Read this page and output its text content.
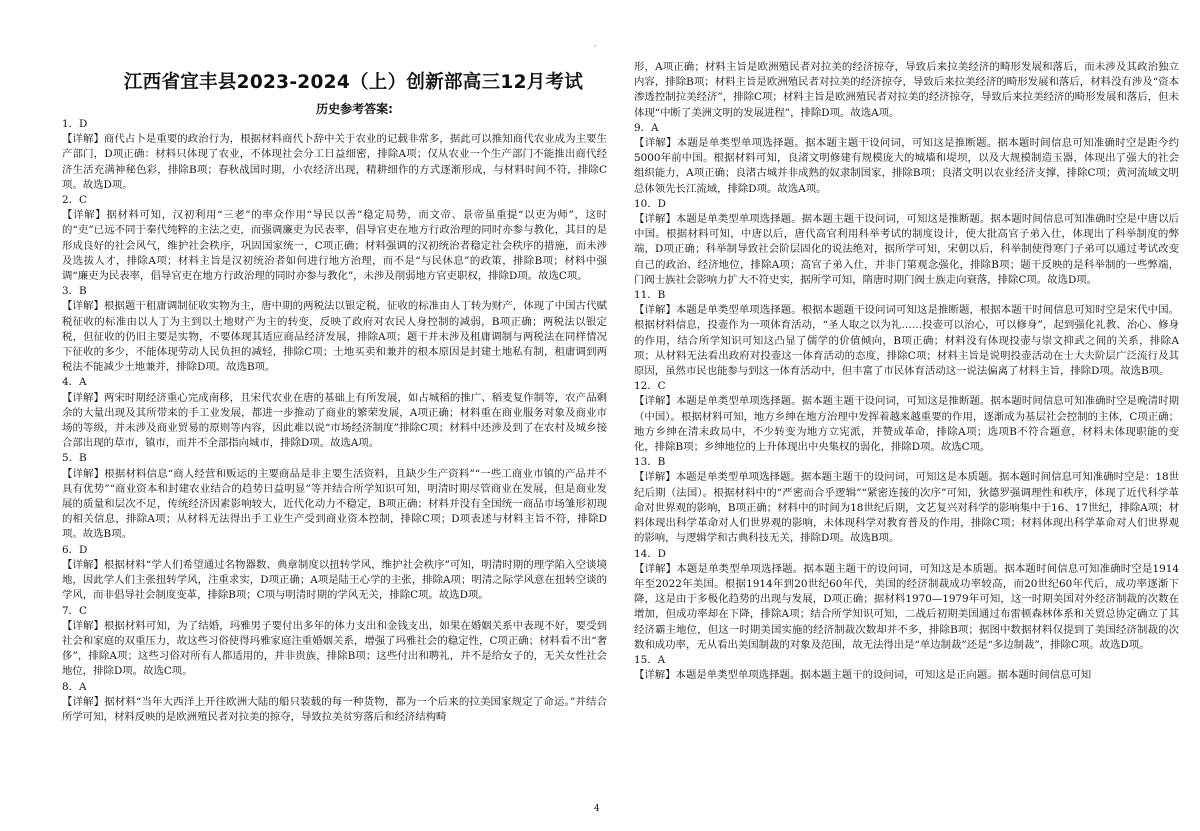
·
江西省宜丰县2023-2024（上）创新部高三12月考试
历史参考答案:
1．D
【详解】商代占卜是重要的政治行为，根据材料商代卜辞中关于农业的记载非常多，据此可以推知商代农业成为主要生产部门，D项正确：材料只体现了农业，不体现社会分工日益细密，排除A项；仅从农业一个生产部门不能推出商代经济生活充满神秘色彩，排除B项；春秋战国时期，小农经济出现，精耕细作的方式逐渐形成，与材料时间不符，排除C项。故选D项。
2．C
【详解】据材料可知，汉初利用“三老”的率众作用“导民以善”稳定局势，而文帝、景帝虽重提“以吏为师”，这时的“吏”已远不同于秦代纯粹的主法之吏，而强调廉吏为民表率，倡导官吏在地方行政治理的同时亦参与教化，其目的是形成良好的社会风气，维护社会秩序，巩固国家统一，C项正确；材料强调的汉初统治者稳定社会秩序的措施，而未涉及选拔人才，排除A项；材料主旨是汉初统治者如何进行地方治理，而不是“与民休息”的政策，排除B项；材料中强调“廉吏为民表率，倡导官吏在地方行政治理的同时亦参与教化”，未涉及削弱地方官吏职权，排除D项。故选C项。
3．B
【详解】根据题干租庸调制征收实物为主，唐中期的两税法以银定税，征收的标准由人丁转为财产，体现了中国古代赋税征收的标准由以人丁为主到以土地财产为主的转变，反映了政府对农民人身控制的减弱，B项正确；两税法以银定税，但征收的仍旧主要是实物，不要体现其适应商品经济发展，排除A项；题干并未涉及租庸调制与两税法在同样情况下征收的多少，不能体现劳动人民负担的减轻，排除C项；土地买卖和兼并的根本原因是封建土地私有制，租庸调到两税法不能减少土地兼并，排除D项。故选B项。
4．A
【详解】两宋时期经济重心完成南移，且宋代农业在唐的基础上有所发展，如占城稻的推广、稻麦复作制等，农产品剩余的大量出现及其所带来的手工业发展，都进一步推动了商业的繁荣发展，A项正确；材料重在商业服务对象及商业市场的等级，并未涉及商业贸易的原则等内容，因此难以说“市场经济制度”排除C项；材料中还涉及到了在农村及城乡接合部出现的草市，镇市，而并不全部指向城市，排除D项。故选A项。
5．B
【详解】根据材料信息“商人经营和贩运的主要商品是非主要生活资料，且缺少生产资料”“一些工商业市镇的产品并不具有优势”“商业资本和封建农业结合的趋势日益明显”等并结合所学知识可知，明清时期尽管商业在发展，但是商业发展的质量和层次不足，传统经济因素影响较大，近代化动力不稳定，B项正确；材料并没有全国统一商品市场雏形初现的相关信息，排除A项；从材料无法得出手工业生产受到商业资本控制，排除C项；D项表述与材料主旨不符，排除D项。故选B项。
6．D
【详解】根据材料“学人们希望通过名物器数、典章制度以扭转学风，维护社会秩序”可知，明清时期的理学陷入空谈境地，因此学人们主张扭转学风，注重求实，D项正确；A项是陆王心学的主张，排除A项；明清之际学风意在扭转空谈的学风，而非倡导社会制度变革，排除B项；C项与明清时期的学风无关，排除C项。故选D项。
7．C
【详解】根据材料可知，为了结婚，玛雅男子要付出多年的体力支出和金钱支出，如果在婚姻关系中表现不好，要受到社会和家庭的双重压力，故这些习俗使得玛雅家庭注重婚姻关系，增强了玛雅社会的稳定性，C项正确；材料看不出“奢侈”，排除A项；这些习俗对所有人都适用的，并非贵族，排除B项；这些付出和聘礼，并不是给女子的，无关女性社会地位，排除D项。故选C项。
8．A
【详解】据材料“当年大西洋上开往欧洲大陆的船只装载的每一种货物，都为一个后来的拉美国家规定了命运。”并结合所学可知，材料反映的是欧洲殖民者对拉美的掠夺，导致拉美贫穷落后和经济结构畸
形，A项正确；材料主旨是欧洲殖民者对拉美的经济掠夺，导致后来拉美经济的畸形发展和落后，而未涉及其政治独立内容，排除B项；材料主旨是欧洲殖民者对拉美的经济掠夺，导致后来拉美经济的畸形发展和落后，材料没有涉及“资本渗透控制拉美经济”，排除C项；材料主旨是欧洲殖民者对拉美的经济掠夺，导致后来拉美经济的畸形发展和落后，但未体现“中断了美洲文明的发展进程”，排除D项。故选A项。
9．A
【详解】本题是单类型单项选择题。据本题主题干设问词，可知这是推断题。据本题时间信息可知准确时空是距今约5000年前中国。根据材料可知，良渚文明修建有规模庞大的城墙和堤坝，以及大规模制造玉器，体现出了强大的社会组织能力，A项正确；良渚古城并非成熟的奴隶制国家，排除B项；良渚文明以农业经济支撑，排除C项；黄河流域文明总体领先长江流域，排除D项。故选A项。
10．D
【详解】本题是单类型单项选择题。据本题主题干设问词，可知这是推断题。据本题时间信息可知准确时空是中唐以后中国。根据材料可知，中唐以后，唐代高官利用科举考试的制度设计，使大批高官子弟入仕，体现出了科举制度的弊端，D项正确；科举制导致社会阶层固化的说法绝对，据所学可知，宋朝以后，科举制使得寒门子弟可以通过考试改变自己的政治、经济地位，排除A项；高官子弟入仕，并非门第观念强化，排除B项；题干反映的是科举制的一些弊端，门阀士族社会影响力扩大不符史实，据所学可知，隋唐时期门阀士族走向衰落，排除C项。故选D项。
11．B
【详解】本题是单类型单项选择题。根据本题题干设问词可知这是推断题，根据本题干时间信息可知时空是宋代中国。根据材料信息，投壶作为一项体育活动，“圣人取之以为礼……投壶可以治心，可以修身”，起到强化礼教、治心、修身的作用，结合所学知识可知这凸显了儒学的价值倾向，B项正确；材料没有体现投壶与崇文抑武之间的关系，排除A项；从材料无法看出政府对投壶这一体育活动的态度，排除C项；材料主旨是说明投壶活动在士大夫阶层广泛流行及其原因，虽然市民也能参与到这一体育活动中，但丰富了市民体育活动这一说法偏离了材料主旨，排除D项。故选B项。
12．C
【详解】本题是单类型单项选择题。据本题主题干设问词，可知这是推断题。据本题时间信息可知准确时空是晚清时期（中国）。根据材料可知，地方乡绅在地方治理中发挥着越来越重要的作用，逐渐成为基层社会控制的主体，C项正确；地方乡绅在清末政局中，不少转变为地方立宪派，并赞成革命，排除A项；选项B不符合题意，材料未体现职能的变化，排除B项；乡绅地位的上升体现出中央集权的弱化，排除D项。故选C项。
13．B
【详解】本题是单类型单项选择题。据本题主题干的设问词，可知这是本质题。据本题时间信息可知准确时空是：18世纪后期（法国）。根据材料中的“严密而合乎逻辑”“紧密连接的次序”可知，狄德罗强调理性和秩序，体现了近代科学革命对世界观的影响，B项正确；材料中的时间为18世纪后期，文艺复兴对科学的影响集中于16、17世纪，排除A项；材料体现出科学革命对人们世界观的影响，未体现科学对教育普及的作用，排除C项；材料体现出科学革命对人们世界观的影响，与逻辑学和古典科技无关，排除D项。故选B项。
14．D
【详解】本题是单类型单项选择题。据本题主题干的设问词，可知这是本质题。据本题时间信息可知准确时空是1914年至2022年美国。根据1914年到20世纪60年代，美国的经济制裁成功率较高，而20世纪60年代后，成功率逐渐下降，这是由于多极化趋势的出现与发展，D项正确；据材料1970—1979年可知，这一时期美国对外经济制裁的次数在增加，但成功率却在下降，排除A项；结合所学知识可知，二战后初期美国通过布雷顿森林体系和关贸总协定确立了其经济霸主地位，但这一时期美国实施的经济制裁次数却并不多，排除B项；据图中数据材料仅提到了美国经济制裁的次数和成功率，无从看出美国制裁的对象及范围，故无法得出是“单边制裁”还是“多边制裁”，排除C项。故选D项。
15．A
【详解】本题是单类型单项选择题。据本题主题干的设问词，可知这是正向题。据本题时间信息可知
4
